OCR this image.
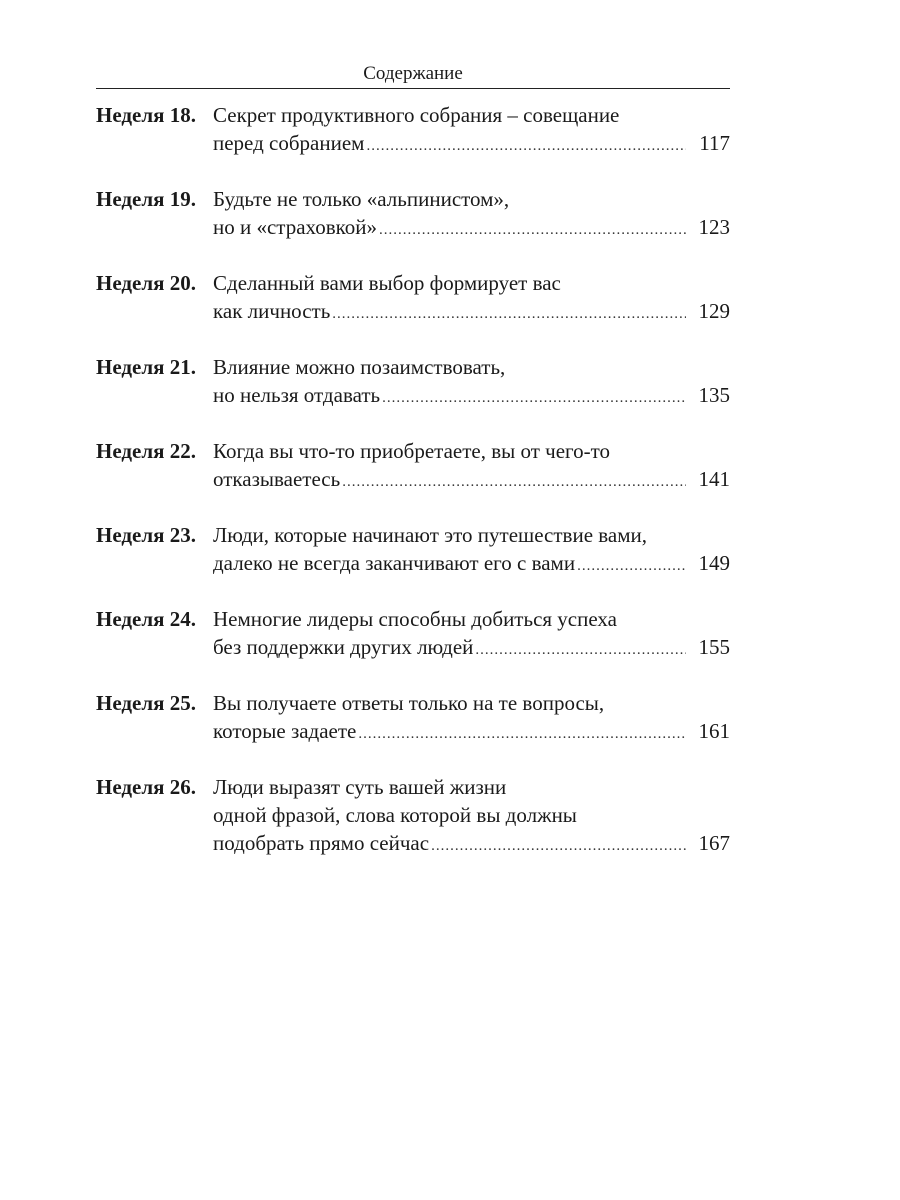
Содержание
Неделя 18. Секрет продуктивного собрания – совещание
перед собранием .....	117
Неделя 19. Будьте не только «альпинистом»,
но и «страховкой» .....	123
Неделя 20. Сделанный вами выбор формирует вас
как личность .....	129
Неделя 21. Влияние можно позаимствовать,
но нельзя отдавать .....	135
Неделя 22. Когда вы что-то приобретаете, вы от чего-то
отказываетесь .....	141
Неделя 23. Люди, которые начинают это путешествие вами,
далеко не всегда заканчивают его с вами .....	149
Неделя 24. Немногие лидеры способны добиться успеха
без поддержки других людей .....	155
Неделя 25. Вы получаете ответы только на те вопросы,
которые задаете .....	161
Неделя 26. Люди выразят суть вашей жизни
одной фразой, слова которой вы должны
подобрать прямо сейчас .....	167
